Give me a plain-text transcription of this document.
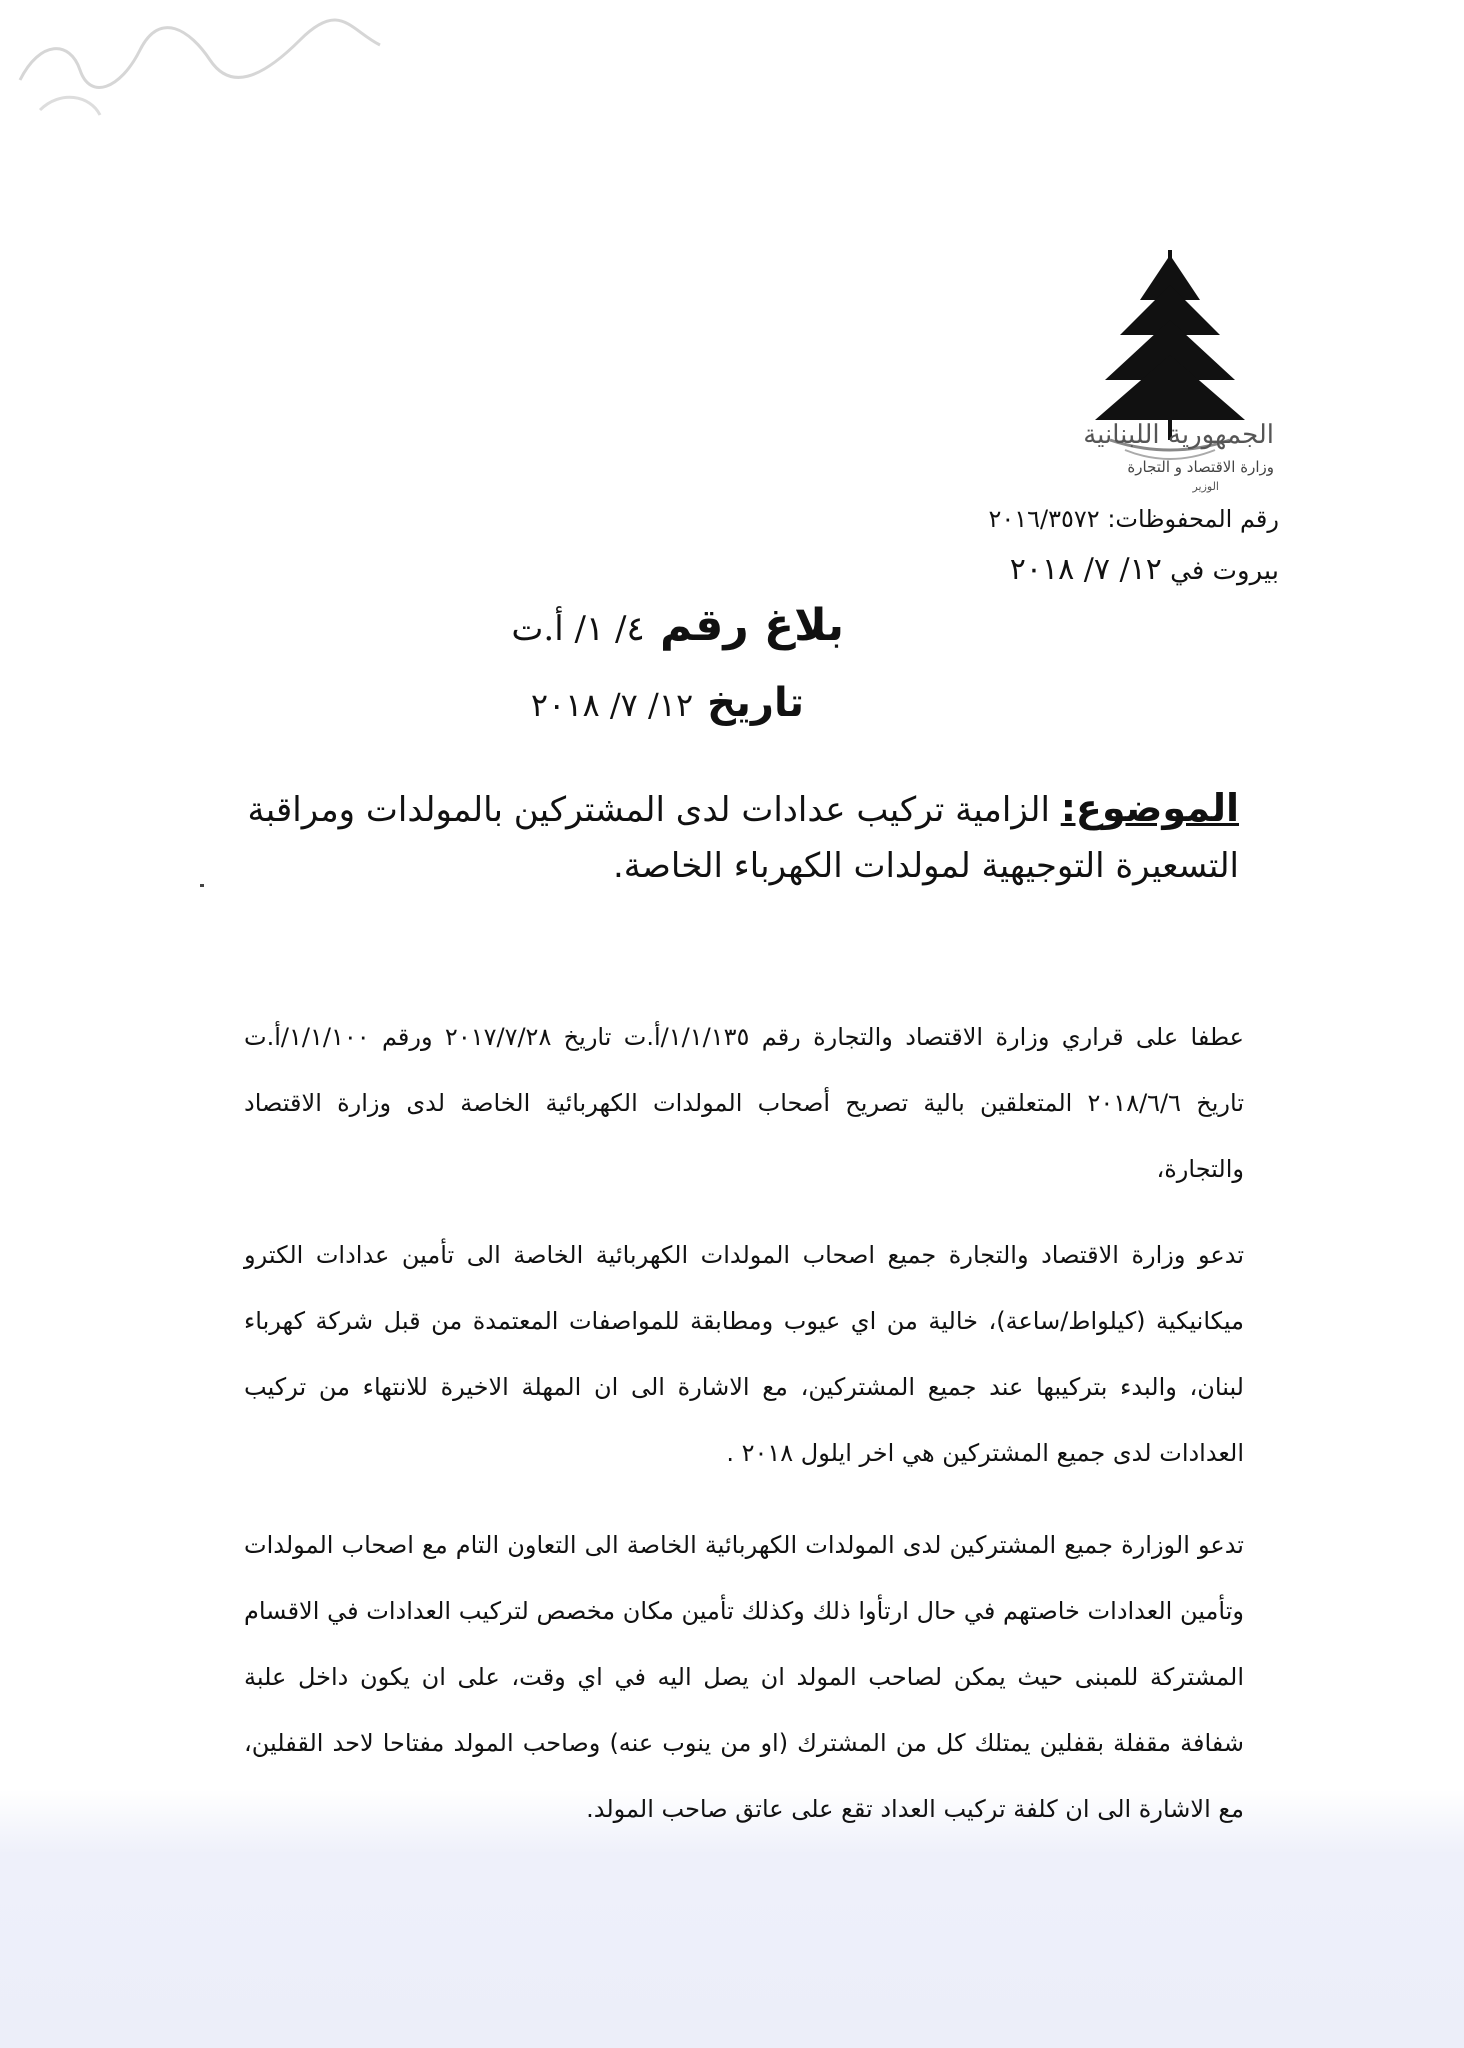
الجمهورية اللبنانية
وزارة الاقتصاد و التجارة
الوزير
رقم المحفوظات: ٢٠١٦/٣٥٧٢
بيروت في ١٢/ ٧/ ٢٠١٨
بلاغ رقم ٤/ ١/ أ.ت
تاريخ ١٢/ ٧/ ٢٠١٨
الموضوع: الزامية تركيب عدادات لدى المشتركين بالمولدات ومراقبة التسعيرة التوجيهية لمولدات الكهرباء الخاصة.

عطفا على قراري وزارة الاقتصاد والتجارة رقم ١/١/١٣٥/أ.ت تاريخ ٢٠١٧/٧/٢٨ ورقم ١/١/١٠٠/أ.ت تاريخ ٢٠١٨/٦/٦ المتعلقين بالية تصريح أصحاب المولدات الكهربائية الخاصة لدى وزارة الاقتصاد والتجارة،

تدعو وزارة الاقتصاد والتجارة جميع اصحاب المولدات الكهربائية الخاصة الى تأمين عدادات الكترو ميكانيكية (كيلواط/ساعة)، خالية من اي عيوب ومطابقة للمواصفات المعتمدة من قبل شركة كهرباء لبنان، والبدء بتركيبها عند جميع المشتركين، مع الاشارة الى ان المهلة الاخيرة للانتهاء من تركيب العدادات لدى جميع المشتركين هي اخر ايلول ٢٠١٨ .

تدعو الوزارة جميع المشتركين لدى المولدات الكهربائية الخاصة الى التعاون التام مع اصحاب المولدات وتأمين العدادات خاصتهم في حال ارتأوا ذلك وكذلك تأمين مكان مخصص لتركيب العدادات في الاقسام المشتركة للمبنى حيث يمكن لصاحب المولد ان يصل اليه في اي وقت، على ان يكون داخل علبة شفافة مقفلة بقفلين يمتلك كل من المشترك (او من ينوب عنه) وصاحب المولد مفتاحا لاحد القفلين، مع الاشارة الى ان كلفة تركيب العداد تقع على عاتق صاحب المولد.
